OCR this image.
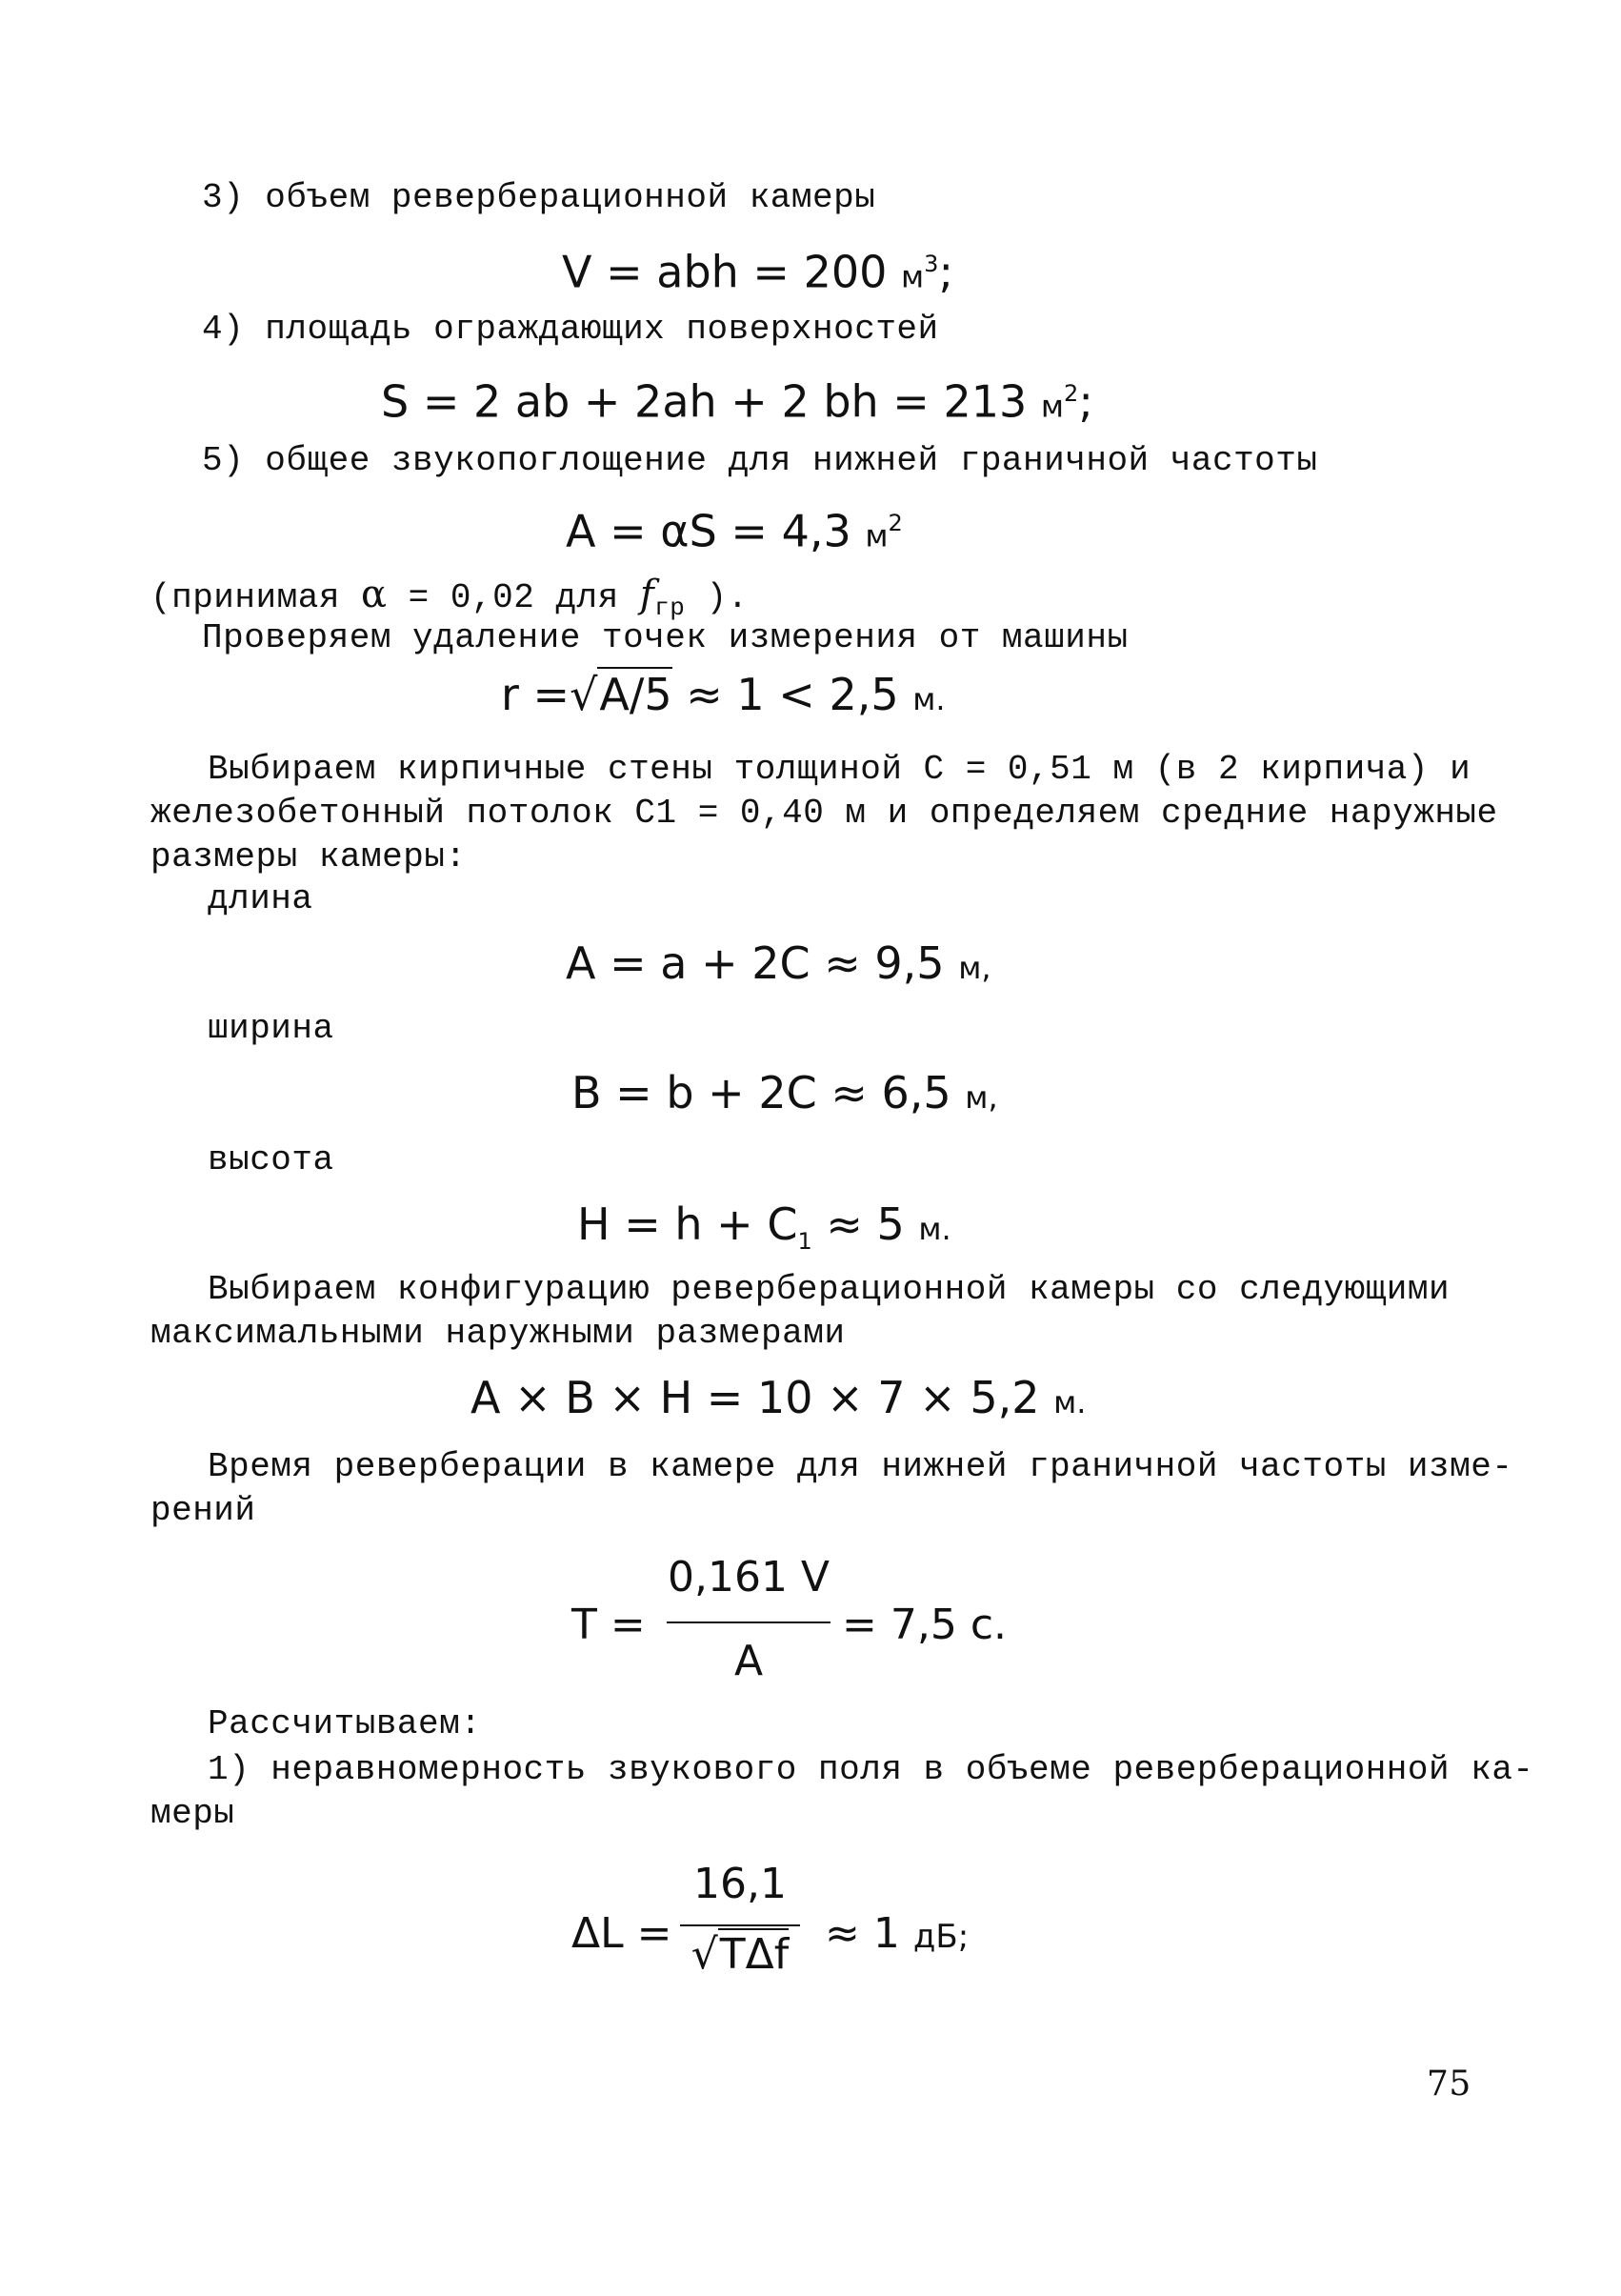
3) объем реверберационной камеры
V = abh = 200 $м^3$;
4) площадь ограждающих поверхностей
S = 2 ab + 2ah + 2 bh = 213 $м^2$;
5) общее звукопоглощение для нижней граничной частоты
A = αS = 4,3 $м^2$
(принимая α = 0,02 для $f_{гр}$ ).
Проверяем удаление точек измерения от машины
r =√A/5 ≈ 1 < 2,5 м.
Выбираем кирпичные стены толщиной C = 0,51 м (в 2 кирпича) и
железобетонный потолок C1 = 0,40 м и определяем средние наружные
размеры камеры:
длина
A = a + 2C ≈ 9,5 м,
ширина
B = b + 2C ≈ 6,5 м,
высота
$H = h + C_1 \approx 5$ м.
Выбираем конфигурацию реверберационной камеры со следующими
максимальными наружными размерами
A × B × H = 10 × 7 × 5,2 м.
Время реверберации в камере для нижней граничной частоты изме-
рений
T =
0,161 V
A
= 7,5 c.
Рассчитываем:
1) неравномерность звукового поля в объеме реверберационной ка-
меры
ΔL =
16,1
√TΔf ≈ 1 дБ;
75
